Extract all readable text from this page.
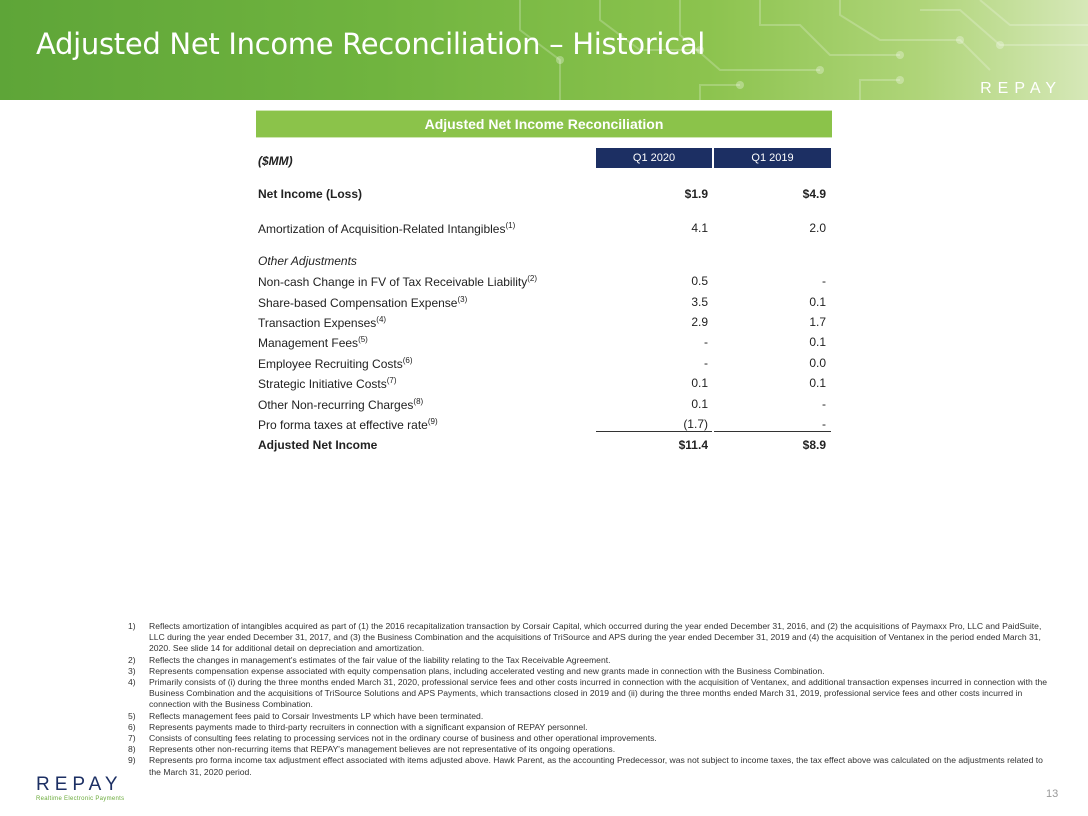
Adjusted Net Income Reconciliation – Historical
REPAY
Adjusted Net Income Reconciliation
($MM)	Q1 2020	Q1 2019
Net Income (Loss)	$1.9	$4.9
Amortization of Acquisition-Related Intangibles$^{(1)}$	4.1	2.0
Other Adjustments
Non-cash Change in FV of Tax Receivable Liability$^{(2)}$	0.5	-
Share-based Compensation Expense$^{(3)}$	3.5	0.1
Transaction Expenses$^{(4)}$	2.9	1.7
Management Fees$^{(5)}$	-	0.1
Employee Recruiting Costs$^{(6)}$	-	0.0
Strategic Initiative Costs$^{(7)}$	0.1	0.1
Other Non-recurring Charges$^{(8)}$	0.1	-
Pro forma taxes at effective rate$^{(9)}$	(1.7)	-
Adjusted Net Income	$11.4	$8.9
1) Reflects amortization of intangibles acquired as part of (1) the 2016 recapitalization transaction by Corsair Capital, which occurred during the year ended December 31, 2016, and (2) the acquisitions of Paymaxx Pro, LLC and PaidSuite, LLC during the year ended December 31, 2017, and (3) the Business Combination and the acquisitions of TriSource and APS during the year ended December 31, 2019 and (4) the acquisition of Ventanex in the period ended March 31, 2020. See slide 14 for additional detail on depreciation and amortization.
2) Reflects the changes in management's estimates of the fair value of the liability relating to the Tax Receivable Agreement.
3) Represents compensation expense associated with equity compensation plans, including accelerated vesting and new grants made in connection with the Business Combination.
4) Primarily consists of (i) during the three months ended March 31, 2020, professional service fees and other costs incurred in connection with the acquisition of Ventanex, and additional transaction expenses incurred in connection with the Business Combination and the acquisitions of TriSource Solutions and APS Payments, which transactions closed in 2019 and (ii) during the three months ended March 31, 2019, professional service fees and other costs incurred in connection with the Business Combination.
5) Reflects management fees paid to Corsair Investments LP which have been terminated.
6) Represents payments made to third-party recruiters in connection with a significant expansion of REPAY personnel.
7) Consists of consulting fees relating to processing services not in the ordinary course of business and other operational improvements.
8) Represents other non-recurring items that REPAY's management believes are not representative of its ongoing operations.
9) Represents pro forma income tax adjustment effect associated with items adjusted above. Hawk Parent, as the accounting Predecessor, was not subject to income taxes, the tax effect above was calculated on the adjustments related to the March 31, 2020 period.
REPAY
Realtime Electronic Payments	13
